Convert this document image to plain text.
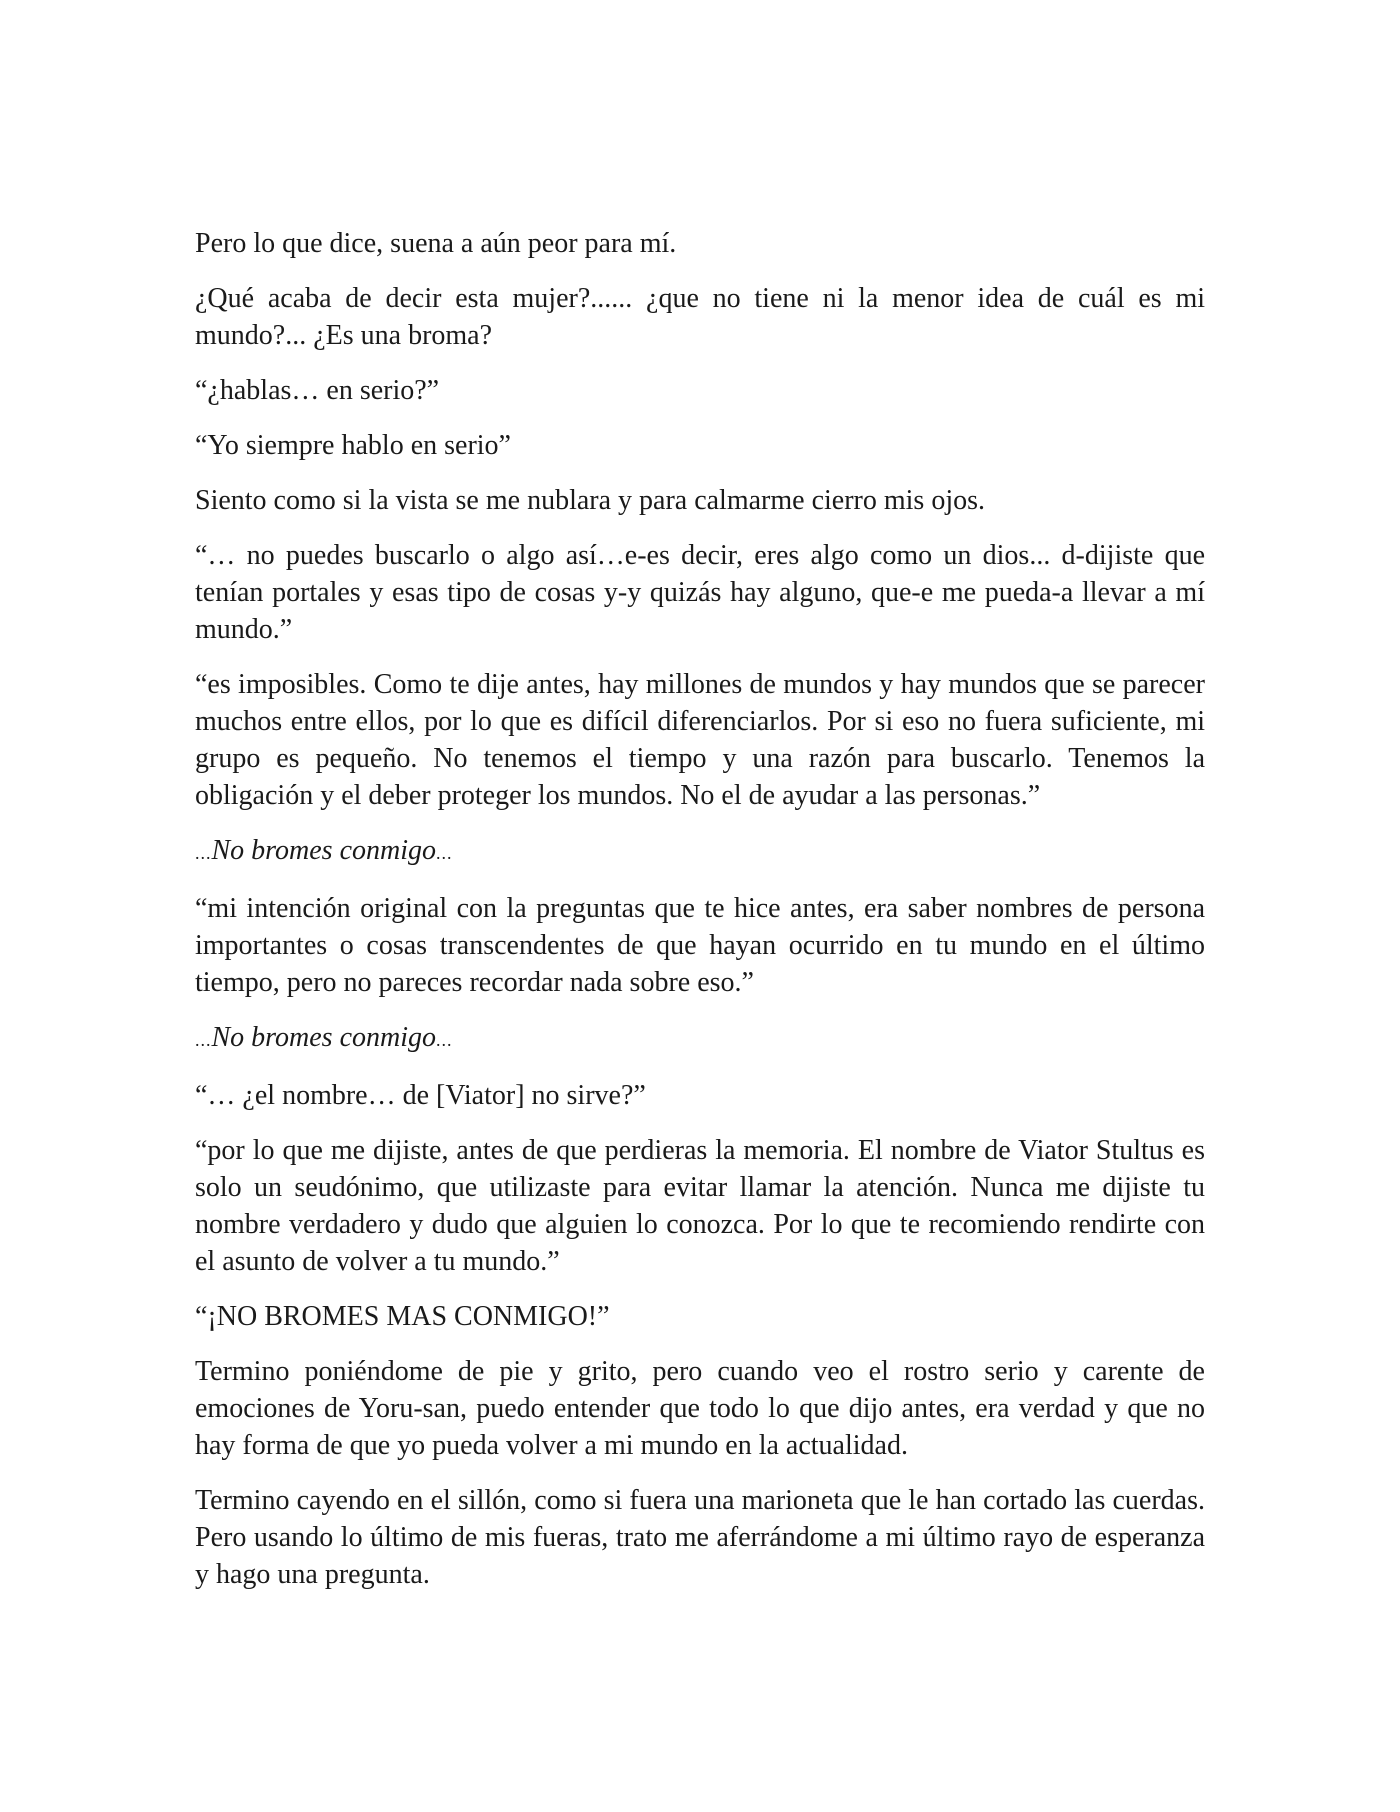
Pero lo que dice, suena a aún peor para mí.

¿Qué acaba de decir esta mujer?...... ¿que no tiene ni la menor idea de cuál es mi mundo?... ¿Es una broma?

“¿hablas… en serio?”

“Yo siempre hablo en serio”

Siento como si la vista se me nublara y para calmarme cierro mis ojos.

“… no puedes buscarlo o algo así…e-es decir, eres algo como un dios... d-dijiste que tenían portales y esas tipo de cosas y-y quizás hay alguno, que-e me pueda-a llevar a mí mundo.”

“es imposibles. Como te dije antes, hay millones de mundos y hay mundos que se parecer muchos entre ellos, por lo que es difícil diferenciarlos. Por si eso no fuera suficiente, mi grupo es pequeño. No tenemos el tiempo y una razón para buscarlo. Tenemos la obligación y el deber proteger los mundos. No el de ayudar a las personas.”

...No bromes conmigo...

“mi intención original con la preguntas que te hice antes, era saber nombres de persona importantes o cosas transcendentes de que hayan ocurrido en tu mundo en el último tiempo, pero no pareces recordar nada sobre eso.”

...No bromes conmigo...

“… ¿el nombre… de [Viator] no sirve?”

“por lo que me dijiste, antes de que perdieras la memoria. El nombre de Viator Stultus es solo un seudónimo, que utilizaste para evitar llamar la atención. Nunca me dijiste tu nombre verdadero y dudo que alguien lo conozca. Por lo que te recomiendo rendirte con el asunto de volver a tu mundo.”

“¡NO BROMES MAS CONMIGO!”

Termino poniéndome de pie y grito, pero cuando veo el rostro serio y carente de emociones de Yoru-san, puedo entender que todo lo que dijo antes, era verdad y que no hay forma de que yo pueda volver a mi mundo en la actualidad.

Termino cayendo en el sillón, como si fuera una marioneta que le han cortado las cuerdas. Pero usando lo último de mis fueras, trato me aferrándome a mi último rayo de esperanza y hago una pregunta.
